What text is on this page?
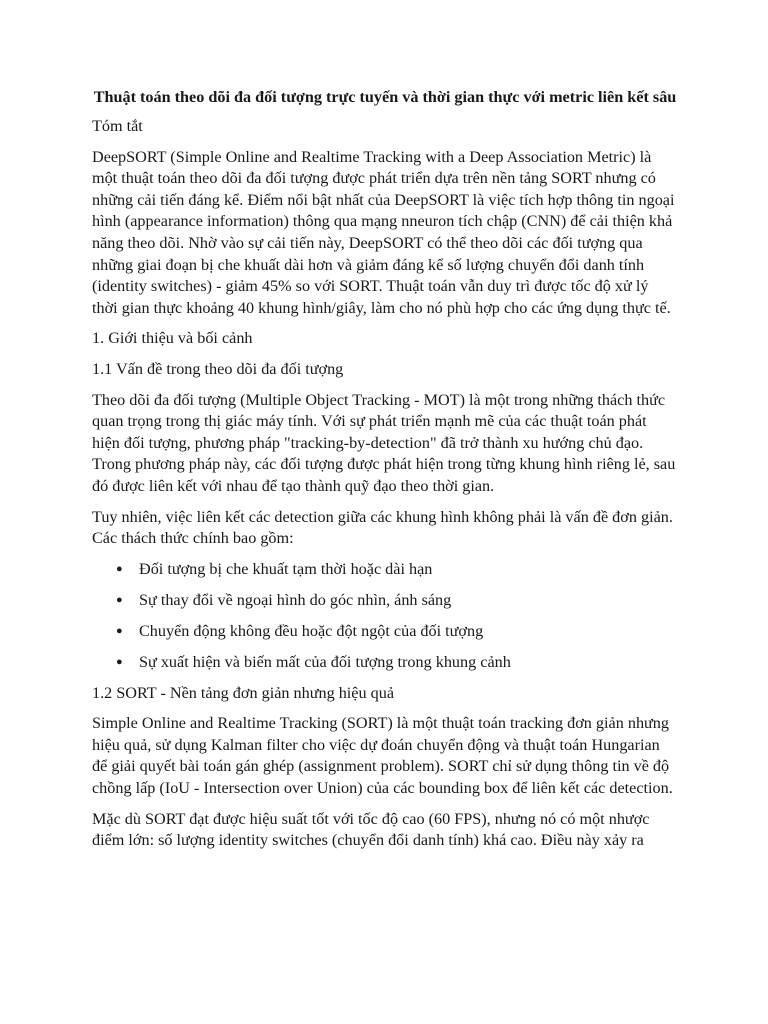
Thuật toán theo dõi đa đối tượng trực tuyến và thời gian thực với metric liên kết sâu
Tóm tắt
DeepSORT (Simple Online and Realtime Tracking with a Deep Association Metric) là một thuật toán theo dõi đa đối tượng được phát triển dựa trên nền tảng SORT nhưng có những cải tiến đáng kể. Điểm nổi bật nhất của DeepSORT là việc tích hợp thông tin ngoại hình (appearance information) thông qua mạng nneuron tích chập (CNN) để cải thiện khả năng theo dõi. Nhờ vào sự cải tiến này, DeepSORT có thể theo dõi các đối tượng qua những giai đoạn bị che khuất dài hơn và giảm đáng kể số lượng chuyển đổi danh tính (identity switches) - giảm 45% so với SORT. Thuật toán vẫn duy trì được tốc độ xử lý thời gian thực khoảng 40 khung hình/giây, làm cho nó phù hợp cho các ứng dụng thực tế.
1. Giới thiệu và bối cảnh
1.1 Vấn đề trong theo dõi đa đối tượng
Theo dõi đa đối tượng (Multiple Object Tracking - MOT) là một trong những thách thức quan trọng trong thị giác máy tính. Với sự phát triển mạnh mẽ của các thuật toán phát hiện đối tượng, phương pháp "tracking-by-detection" đã trở thành xu hướng chủ đạo. Trong phương pháp này, các đối tượng được phát hiện trong từng khung hình riêng lẻ, sau đó được liên kết với nhau để tạo thành quỹ đạo theo thời gian.
Tuy nhiên, việc liên kết các detection giữa các khung hình không phải là vấn đề đơn giản. Các thách thức chính bao gồm:
● Đối tượng bị che khuất tạm thời hoặc dài hạn
● Sự thay đổi về ngoại hình do góc nhìn, ánh sáng
● Chuyển động không đều hoặc đột ngột của đối tượng
● Sự xuất hiện và biến mất của đối tượng trong khung cảnh
1.2 SORT - Nền tảng đơn giản nhưng hiệu quả
Simple Online and Realtime Tracking (SORT) là một thuật toán tracking đơn giản nhưng hiệu quả, sử dụng Kalman filter cho việc dự đoán chuyển động và thuật toán Hungarian để giải quyết bài toán gán ghép (assignment problem). SORT chỉ sử dụng thông tin về độ chồng lấp (IoU - Intersection over Union) của các bounding box để liên kết các detection.
Mặc dù SORT đạt được hiệu suất tốt với tốc độ cao (60 FPS), nhưng nó có một nhược điểm lớn: số lượng identity switches (chuyển đổi danh tính) khá cao. Điều này xảy ra
